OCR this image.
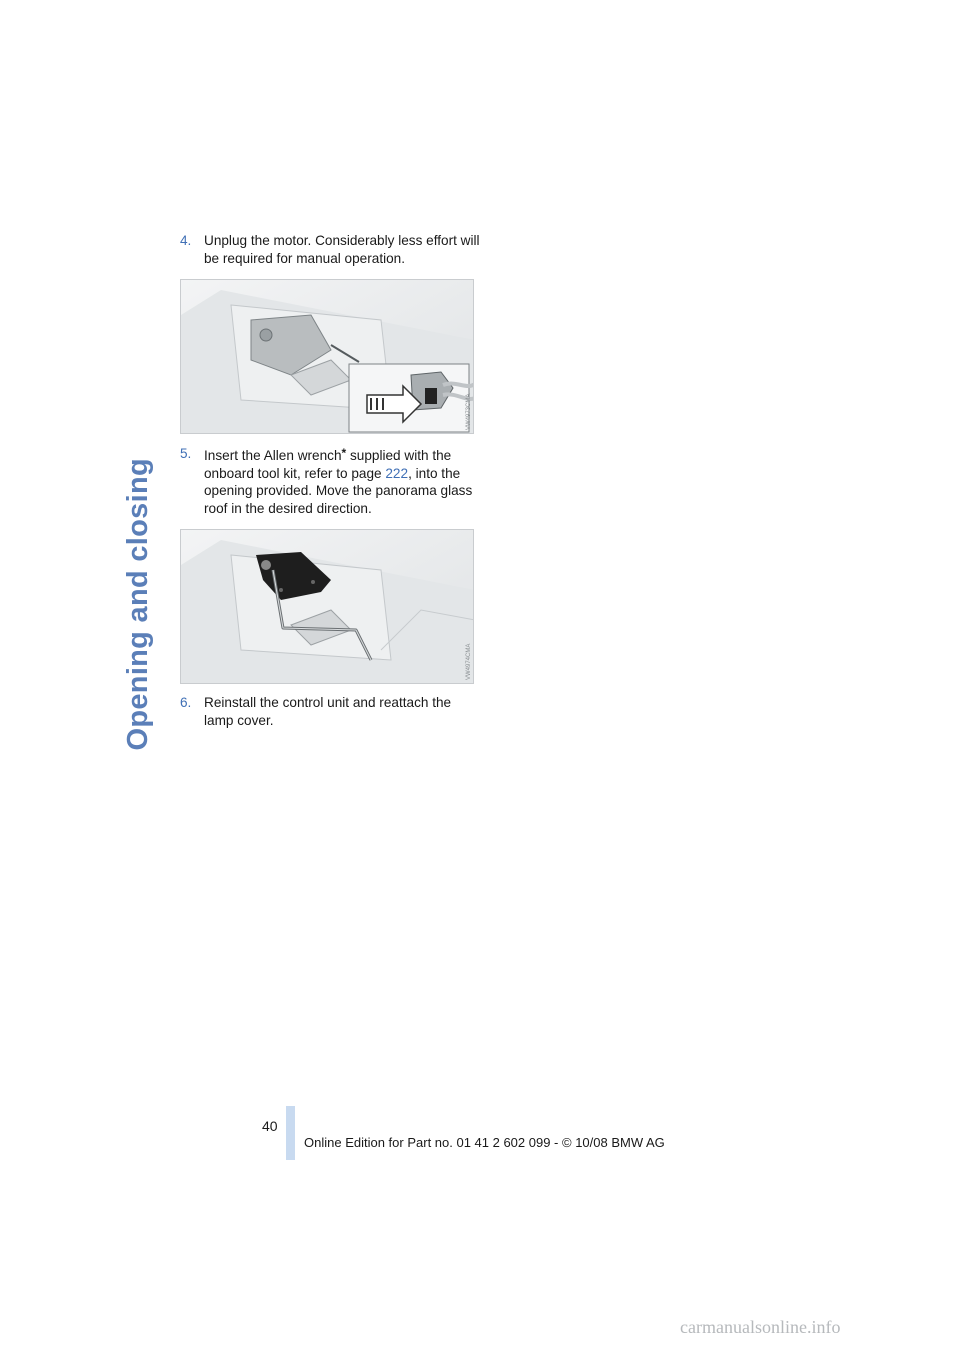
Opening and closing
4. Unplug the motor. Considerably less effort will be required for manual operation.
VW4973CMA
5. Insert the Allen wrench* supplied with the onboard tool kit, refer to page 222, into the opening provided. Move the panorama glass roof in the desired direction.
VW4974CMA
6. Reinstall the control unit and reattach the lamp cover.
40
Online Edition for Part no. 01 41 2 602 099 - © 10/08 BMW AG
carmanualsonline.info
